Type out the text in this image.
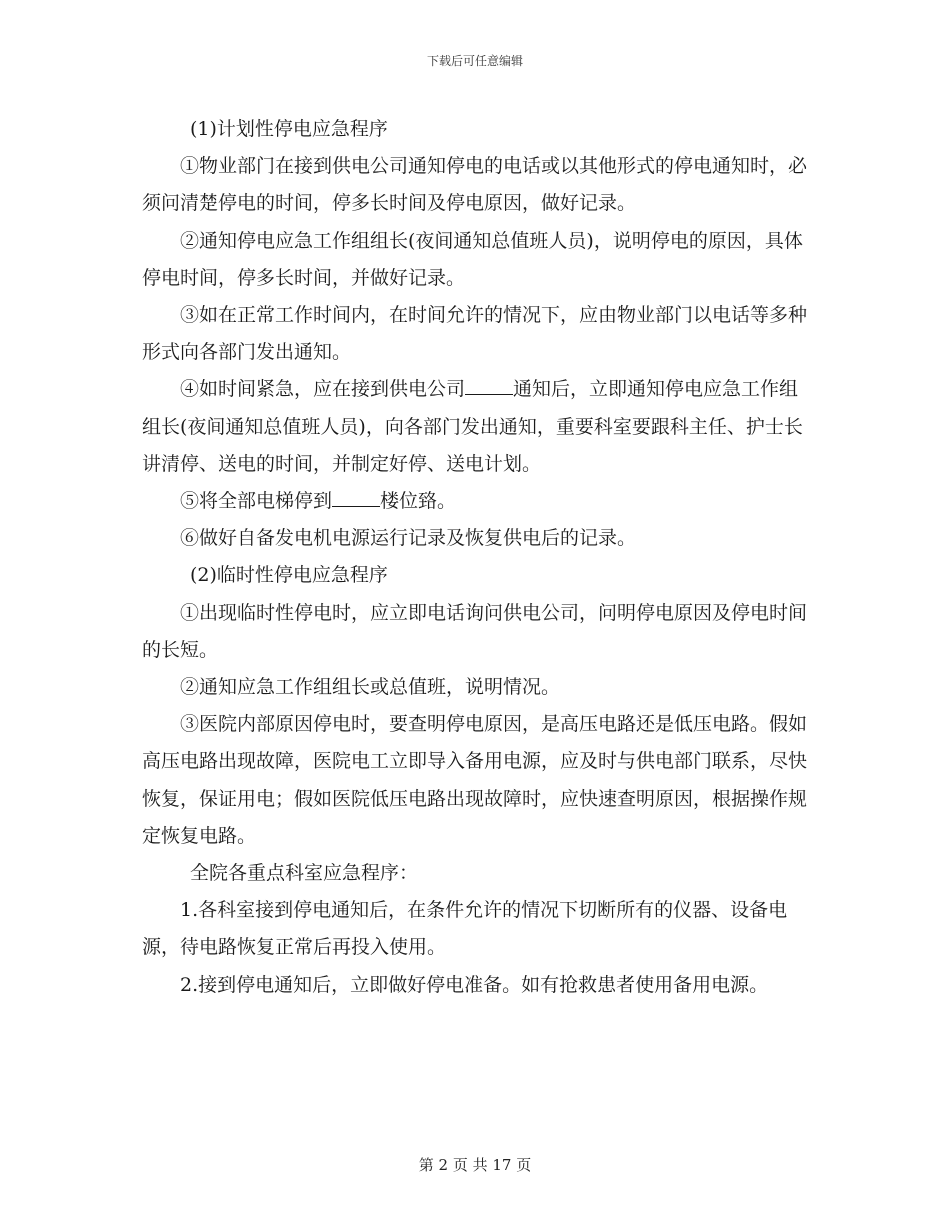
下载后可任意编辑

(1)计划性停电应急程序

①物业部门在接到供电公司通知停电的电话或以其他形式的停电通知时，必须问清楚停电的时间，停多长时间及停电原因，做好记录。

②通知停电应急工作组组长(夜间通知总值班人员)，说明停电的原因，具体停电时间，停多长时间，并做好记录。

③如在正常工作时间内，在时间允许的情况下，应由物业部门以电话等多种形式向各部门发出通知。

④如时间紧急，应在接到供电公司	通知后，立即通知停电应急工作组组长(夜间通知总值班人员)，向各部门发出通知，重要科室要跟科主任、护士长讲清停、送电的时间，并制定好停、送电计划。

⑤将全部电梯停到	楼位臵。

⑥做好自备发电机电源运行记录及恢复供电后的记录。

(2)临时性停电应急程序

①出现临时性停电时，应立即电话询问供电公司，问明停电原因及停电时间的长短。

②通知应急工作组组长或总值班，说明情况。

③医院内部原因停电时，要查明停电原因，是高压电路还是低压电路。假如高压电路出现故障，医院电工立即导入备用电源，应及时与供电部门联系，尽快恢复，保证用电；假如医院低压电路出现故障时，应快速查明原因，根据操作规定恢复电路。

全院各重点科室应急程序：

1.各科室接到停电通知后，在条件允许的情况下切断所有的仪器、设备电源，待电路恢复正常后再投入使用。

2.接到停电通知后，立即做好停电准备。如有抢救患者使用备用电源。

第 2 页 共 17 页
